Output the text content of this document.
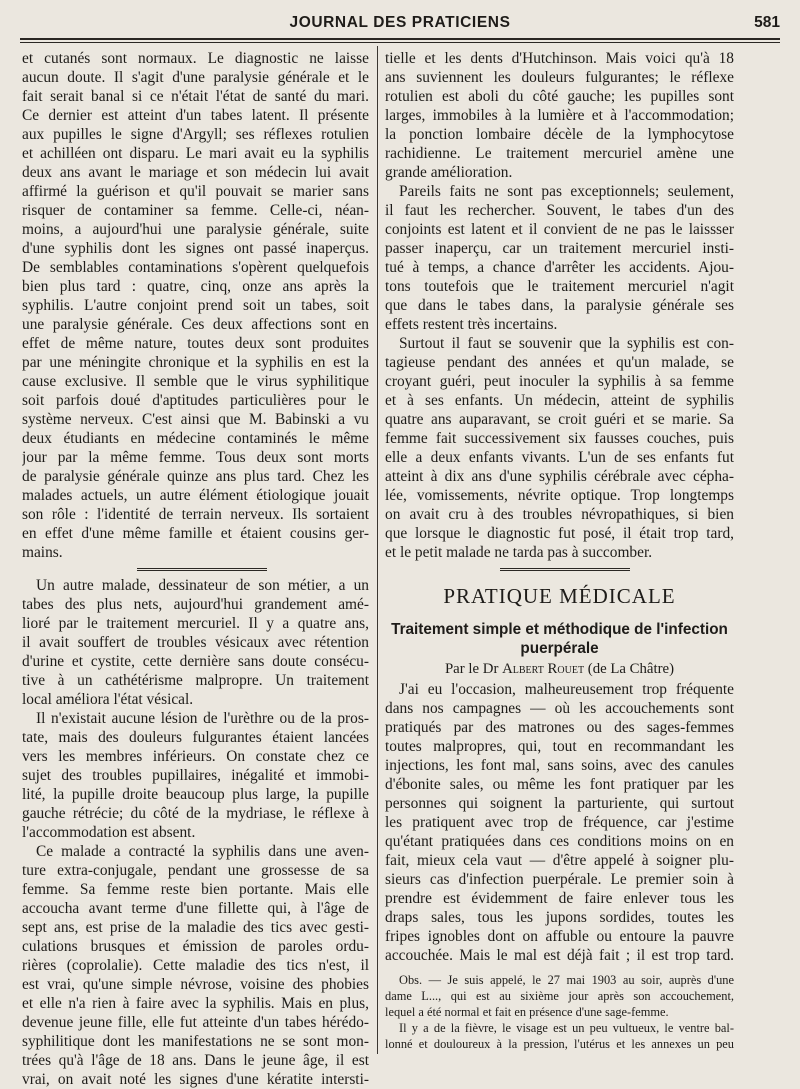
JOURNAL DES PRATICIENS	581
et cutanés sont normaux. Le diagnostic ne laisse
aucun doute. Il s'agit d'une paralysie générale et le
fait serait banal si ce n'était l'état de santé du mari.
Ce dernier est atteint d'un tabes latent. Il présente
aux pupilles le signe d'Argyll; ses réflexes rotulien
et achilléen ont disparu. Le mari avait eu la syphilis
deux ans avant le mariage et son médecin lui avait
affirmé la guérison et qu'il pouvait se marier sans
risquer de contaminer sa femme. Celle-ci, néan-
moins, a aujourd'hui une paralysie générale, suite
d'une syphilis dont les signes ont passé inaperçus.
De semblables contaminations s'opèrent quelquefois
bien plus tard : quatre, cinq, onze ans après la
syphilis. L'autre conjoint prend soit un tabes, soit
une paralysie générale. Ces deux affections sont en
effet de même nature, toutes deux sont produites
par une méningite chronique et la syphilis en est la
cause exclusive. Il semble que le virus syphilitique
soit parfois doué d'aptitudes particulières pour le
système nerveux. C'est ainsi que M. Babinski a vu
deux étudiants en médecine contaminés le même
jour par la même femme. Tous deux sont morts
de paralysie générale quinze ans plus tard. Chez les
malades actuels, un autre élément étiologique jouait
son rôle : l'identité de terrain nerveux. Ils sortaient
en effet d'une même famille et étaient cousins ger-
mains.
Un autre malade, dessinateur de son métier, a un
tabes des plus nets, aujourd'hui grandement amé-
lioré par le traitement mercuriel. Il y a quatre ans,
il avait souffert de troubles vésicaux avec rétention
d'urine et cystite, cette dernière sans doute consécu-
tive à un cathétérisme malpropre. Un traitement
local améliora l'état vésical.
Il n'existait aucune lésion de l'urèthre ou de la pros-
tate, mais des douleurs fulgurantes étaient lancées
vers les membres inférieurs. On constate chez ce
sujet des troubles pupillaires, inégalité et immobi-
lité, la pupille droite beaucoup plus large, la pupille
gauche rétrécie; du côté de la mydriase, le réflexe à
l'accommodation est absent.
Ce malade a contracté la syphilis dans une aven-
ture extra-conjugale, pendant une grossesse de sa
femme. Sa femme reste bien portante. Mais elle
accoucha avant terme d'une fillette qui, à l'âge de
sept ans, est prise de la maladie des tics avec gesti-
culations brusques et émission de paroles ordu-
rières (coprolalie). Cette maladie des tics n'est, il
est vrai, qu'une simple névrose, voisine des phobies
et elle n'a rien à faire avec la syphilis. Mais en plus,
devenue jeune fille, elle fut atteinte d'un tabes hérédo-
syphilitique dont les manifestations ne se sont mon-
trées qu'à l'âge de 18 ans. Dans le jeune âge, il est
vrai, on avait noté les signes d'une kératite intersti-
tielle et les dents d'Hutchinson. Mais voici qu'à 18
ans suviennent les douleurs fulgurantes; le réflexe
rotulien est aboli du côté gauche; les pupilles sont
larges, immobiles à la lumière et à l'accommodation;
la ponction lombaire décèle de la lymphocytose
rachidienne. Le traitement mercuriel amène une
grande amélioration.
Pareils faits ne sont pas exceptionnels; seulement,
il faut les rechercher. Souvent, le tabes d'un des
conjoints est latent et il convient de ne pas le laissser
passer inaperçu, car un traitement mercuriel insti-
tué à temps, a chance d'arrêter les accidents. Ajou-
tons toutefois que le traitement mercuriel n'agit
que dans le tabes dans, la paralysie générale ses
effets restent très incertains.
Surtout il faut se souvenir que la syphilis est con-
tagieuse pendant des années et qu'un malade, se
croyant guéri, peut inoculer la syphilis à sa femme
et à ses enfants. Un médecin, atteint de syphilis
quatre ans auparavant, se croit guéri et se marie. Sa
femme fait successivement six fausses couches, puis
elle a deux enfants vivants. L'un de ses enfants fut
atteint à dix ans d'une syphilis cérébrale avec cépha-
lée, vomissements, névrite optique. Trop longtemps
on avait cru à des troubles névropathiques, si bien
que lorsque le diagnostic fut posé, il était trop tard,
et le petit malade ne tarda pas à succomber.
PRATIQUE MÉDICALE
Traitement simple et méthodique de l'infection
puerpérale
Par le Dr Albert Rouet (de La Châtre)
J'ai eu l'occasion, malheureusement trop fréquente
dans nos campagnes — où les accouchements sont
pratiqués par des matrones ou des sages-femmes
toutes malpropres, qui, tout en recommandant les
injections, les font mal, sans soins, avec des canules
d'ébonite sales, ou même les font pratiquer par les
personnes qui soignent la parturiente, qui surtout
les pratiquent avec trop de fréquence, car j'estime
qu'étant pratiquées dans ces conditions moins on en
fait, mieux cela vaut — d'être appelé à soigner plu-
sieurs cas d'infection puerpérale. Le premier soin à
prendre est évidemment de faire enlever tous les
draps sales, tous les jupons sordides, toutes les
fripes ignobles dont on affuble ou entoure la pauvre
accouchée. Mais le mal est déjà fait ; il est trop tard.
Obs. — Je suis appelé, le 27 mai 1903 au soir, auprès d'une
dame L..., qui est au sixième jour après son accouchement,
lequel a été normal et fait en présence d'une sage-femme.
Il y a de la fièvre, le visage est un peu vultueux, le ventre bal-
lonné et douloureux à la pression, l'utérus et les annexes un peu
